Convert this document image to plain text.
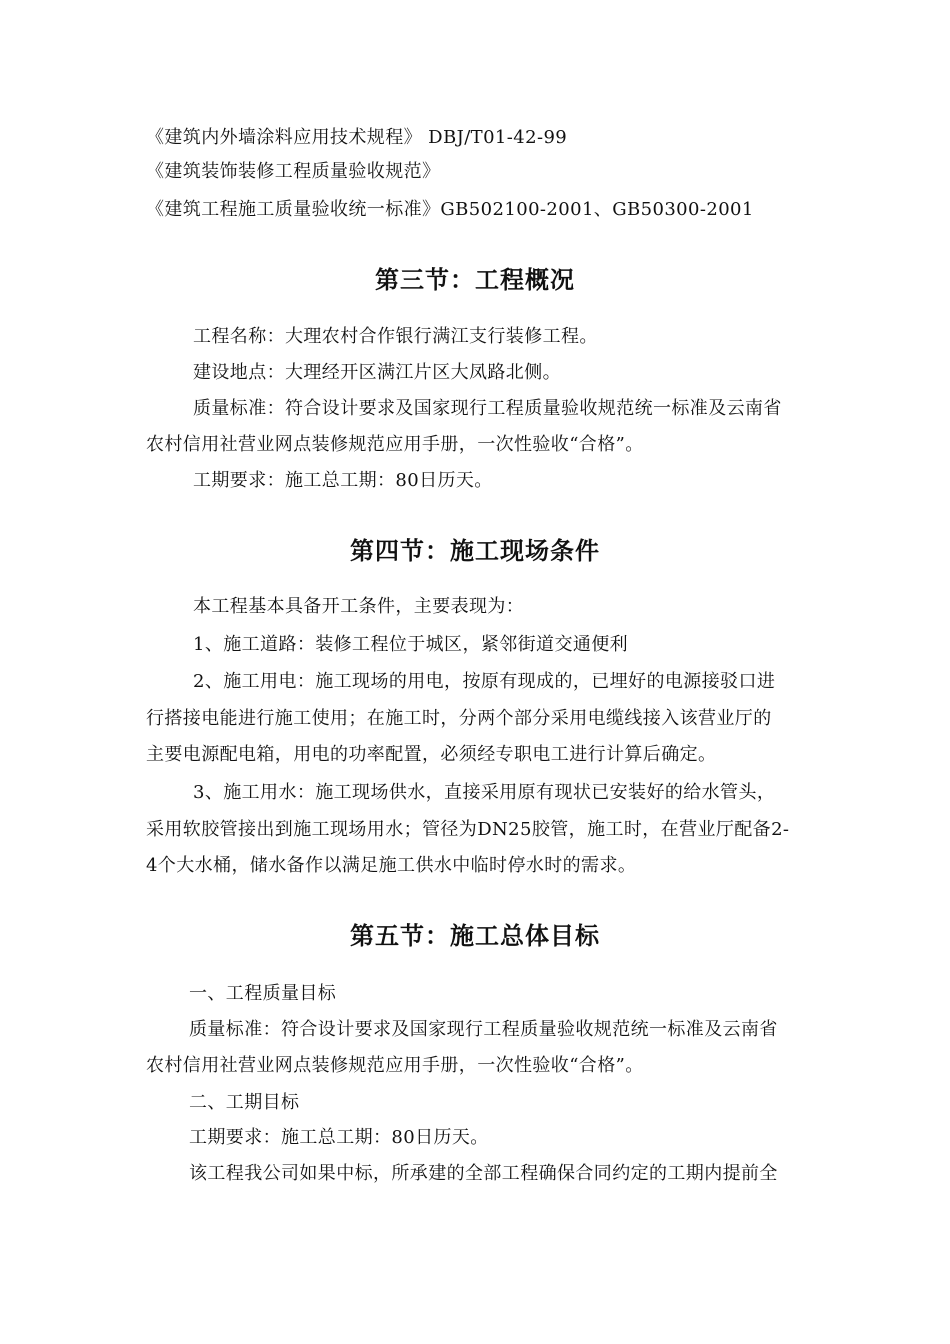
《建筑内外墙涂料应用技术规程》 DBJ/T01-42-99
《建筑装饰装修工程质量验收规范》
《建筑工程施工质量验收统一标准》GB502100-2001、GB50300-2001
第三节：工程概况
工程名称：大理农村合作银行满江支行装修工程。
建设地点：大理经开区满江片区大凤路北侧。
质量标准：符合设计要求及国家现行工程质量验收规范统一标准及云南省
农村信用社营业网点装修规范应用手册，一次性验收“合格”。
工期要求：施工总工期：80日历天。
第四节：施工现场条件
本工程基本具备开工条件，主要表现为：
1、施工道路：装修工程位于城区，紧邻街道交通便利
2、施工用电：施工现场的用电，按原有现成的，已埋好的电源接驳口进
行搭接电能进行施工使用；在施工时，分两个部分采用电缆线接入该营业厅的
主要电源配电箱，用电的功率配置，必须经专职电工进行计算后确定。
3、施工用水：施工现场供水，直接采用原有现状已安装好的给水管头，
采用软胶管接出到施工现场用水；管径为DN25胶管，施工时，在营业厅配备2-
4个大水桶，储水备作以满足施工供水中临时停水时的需求。
第五节：施工总体目标
一、工程质量目标
质量标准：符合设计要求及国家现行工程质量验收规范统一标准及云南省
农村信用社营业网点装修规范应用手册，一次性验收“合格”。
二、工期目标
工期要求：施工总工期：80日历天。
该工程我公司如果中标，所承建的全部工程确保合同约定的工期内提前全
